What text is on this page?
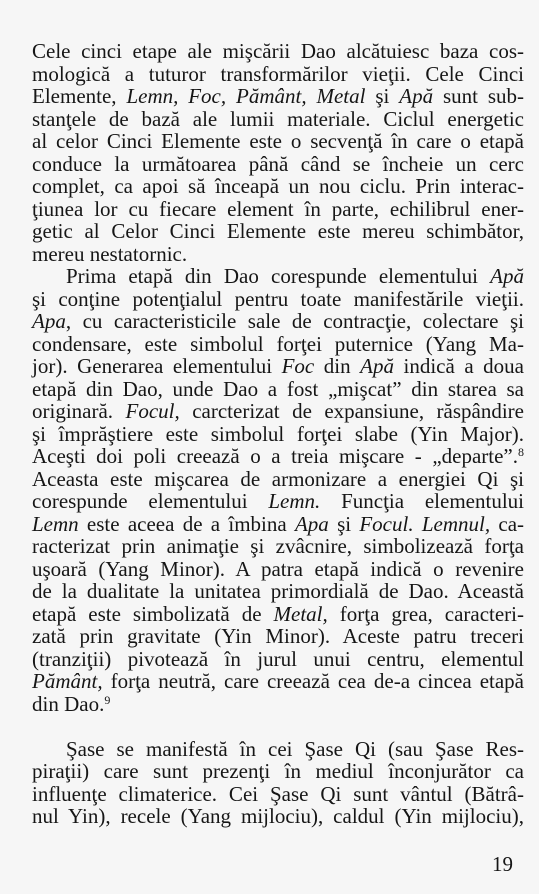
Cele cinci etape ale mişcării Dao alcătuiesc baza cos-
mologică a tuturor transformărilor vieţii. Cele Cinci
Elemente, Lemn, Foc, Pământ, Metal şi Apă sunt sub-
stanţele de bază ale lumii materiale. Ciclul energetic
al celor Cinci Elemente este o secvenţă în care o etapă
conduce la următoarea până când se încheie un cerc
complet, ca apoi să înceapă un nou ciclu. Prin interac-
ţiunea lor cu fiecare element în parte, echilibrul ener-
getic al Celor Cinci Elemente este mereu schimbător,
mereu nestatornic.
Prima etapă din Dao corespunde elementului Apă
şi conţine potenţialul pentru toate manifestările vieţii.
Apa, cu caracteristicile sale de contracţie, colectare şi
condensare, este simbolul forţei puternice (Yang Ma-
jor). Generarea elementului Foc din Apă indică a doua
etapă din Dao, unde Dao a fost „mişcat” din starea sa
originară. Focul, carcterizat de expansiune, răspândire
şi împrăştiere este simbolul forţei slabe (Yin Major).
Aceşti doi poli creează o a treia mişcare - „departe”.$^8$
Aceasta este mişcarea de armonizare a energiei Qi şi
corespunde elementului Lemn. Funcţia elementului
Lemn este aceea de a îmbina Apa şi Focul. Lemnul, ca-
racterizat prin animaţie şi zvâcnire, simbolizează forţa
uşoară (Yang Minor). A patra etapă indică o revenire
de la dualitate la unitatea primordială de Dao. Această
etapă este simbolizată de Metal, forţa grea, caracteri-
zată prin gravitate (Yin Minor). Aceste patru treceri
(tranziţii) pivotează în jurul unui centru, elementul
Pământ, forţa neutră, care creează cea de-a cincea etapă
din Dao.$^9$
Şase se manifestă în cei Şase Qi (sau Şase Res-
piraţii) care sunt prezenţi în mediul înconjurător ca
influenţe climaterice. Cei Şase Qi sunt vântul (Bătrâ-
nul Yin), recele (Yang mijlociu), caldul (Yin mijlociu),
19
